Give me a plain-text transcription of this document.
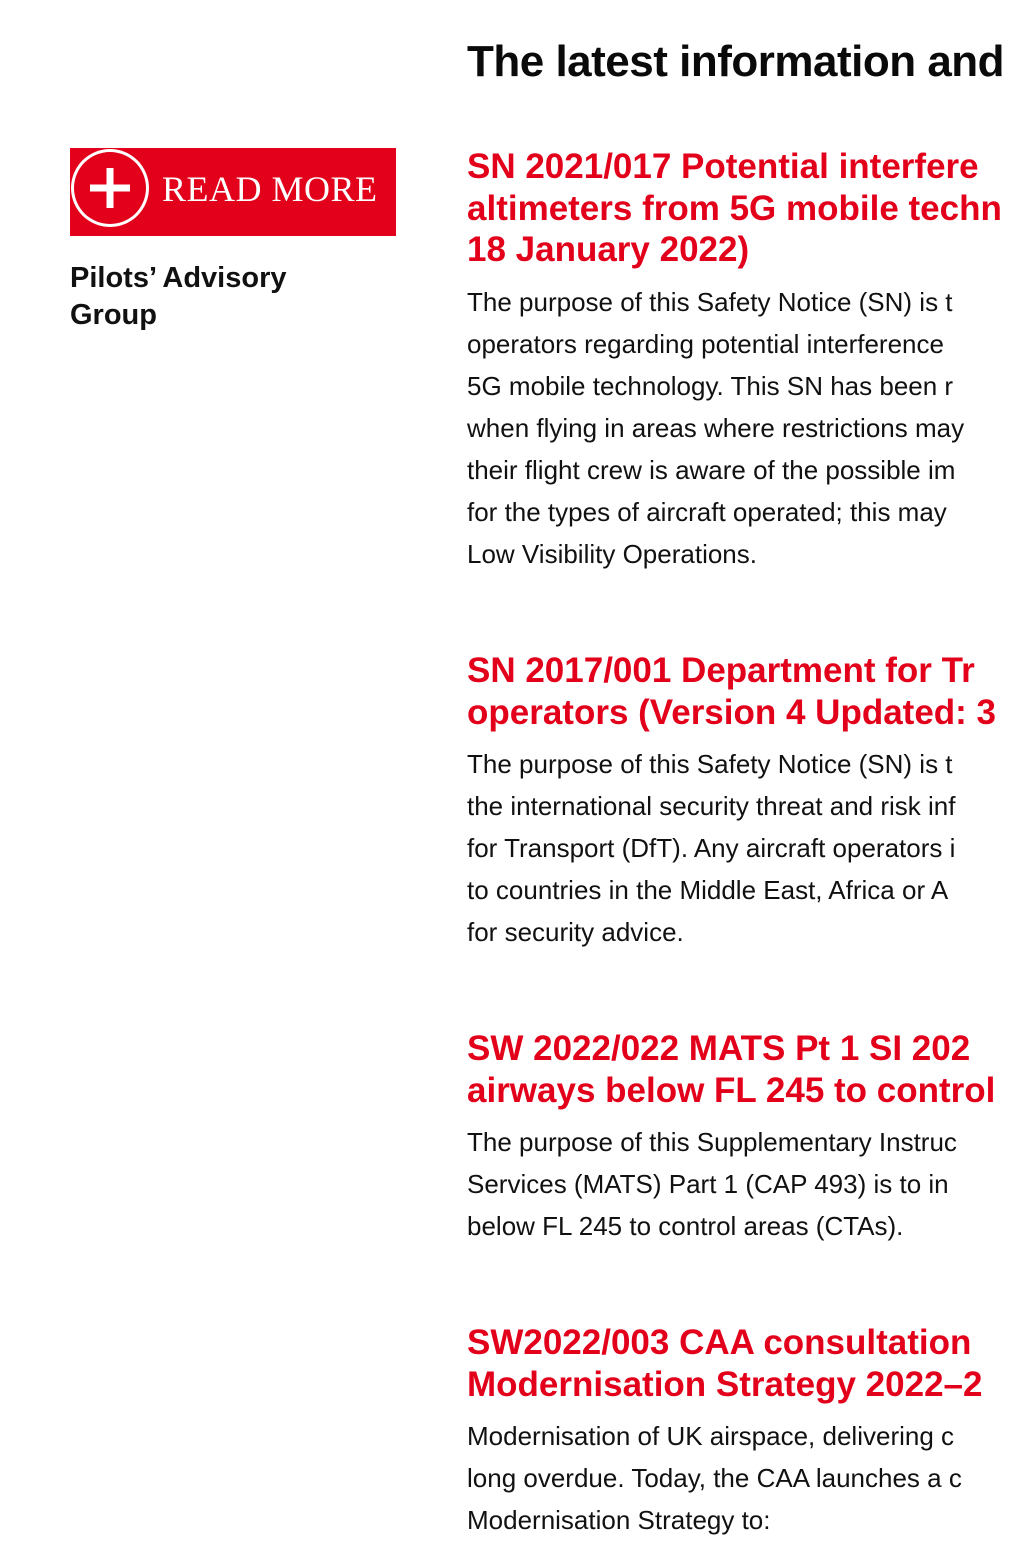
The latest information and
READ MORE

Pilots’ Advisory Group

SN 2021/017 Potential interfere
altimeters from 5G mobile techn
18 January 2022)

The purpose of this Safety Notice (SN) is t
operators regarding potential interference
5G mobile technology. This SN has been r
when flying in areas where restrictions may
their flight crew is aware of the possible im
for the types of aircraft operated; this may
Low Visibility Operations.

SN 2017/001 Department for Tr
operators (Version 4 Updated: 3

The purpose of this Safety Notice (SN) is t
the international security threat and risk inf
for Transport (DfT). Any aircraft operators i
to countries in the Middle East, Africa or A
for security advice.

SW 2022/022 MATS Pt 1 SI 202
airways below FL 245 to control

The purpose of this Supplementary Instruc
Services (MATS) Part 1 (CAP 493) is to in
below FL 245 to control areas (CTAs).

SW2022/003 CAA consultation
Modernisation Strategy 2022–2

Modernisation of UK airspace, delivering c
long overdue. Today, the CAA launches a c
Modernisation Strategy to:
